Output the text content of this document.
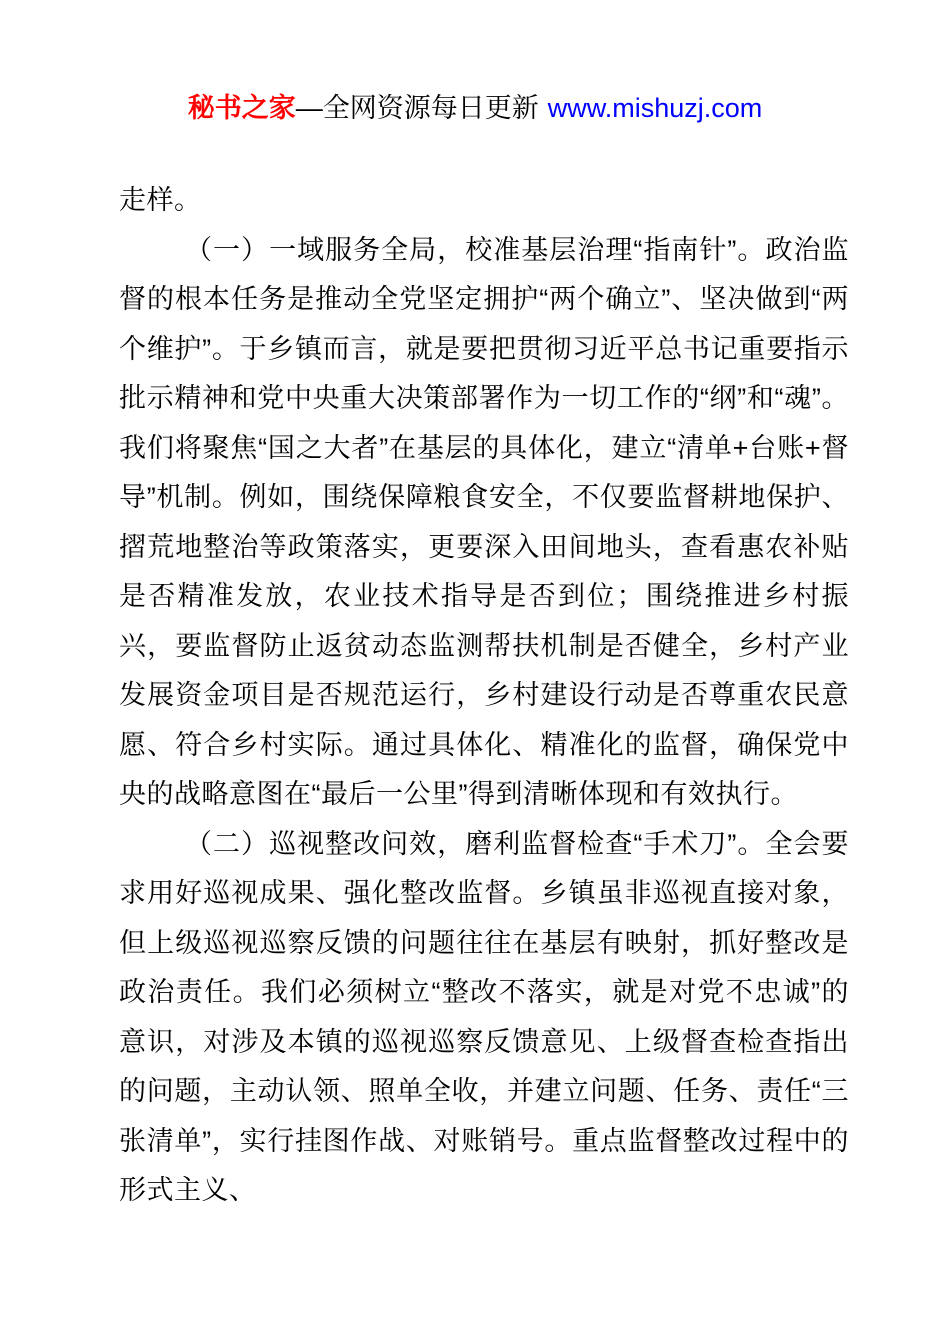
秘书之家—全网资源每日更新 www.mishuzj.com

走样。

（一）一域服务全局，校准基层治理“指南针”。政治监督的根本任务是推动全党坚定拥护“两个确立”、坚决做到“两个维护”。于乡镇而言，就是要把贯彻习近平总书记重要指示批示精神和党中央重大决策部署作为一切工作的“纲”和“魂”。我们将聚焦“国之大者”在基层的具体化，建立“清单+台账+督导”机制。例如，围绕保障粮食安全，不仅要监督耕地保护、摺荒地整治等政策落实，更要深入田间地头，查看惠农补贴是否精准发放，农业技术指导是否到位；围绕推进乡村振兴，要监督防止返贫动态监测帮扶机制是否健全，乡村产业发展资金项目是否规范运行，乡村建设行动是否尊重农民意愿、符合乡村实际。通过具体化、精准化的监督，确保党中央的战略意图在“最后一公里”得到清晰体现和有效执行。

（二）巡视整改问效，磨利监督检查“手术刀”。全会要求用好巡视成果、强化整改监督。乡镇虽非巡视直接对象，但上级巡视巡察反馈的问题往往在基层有映射，抓好整改是政治责任。我们必须树立“整改不落实，就是对党不忠诚”的意识，对涉及本镇的巡视巡察反馈意见、上级督查检查指出的问题，主动认领、照单全收，并建立问题、任务、责任“三张清单”，实行挂图作战、对账销号。重点监督整改过程中的形式主义、
